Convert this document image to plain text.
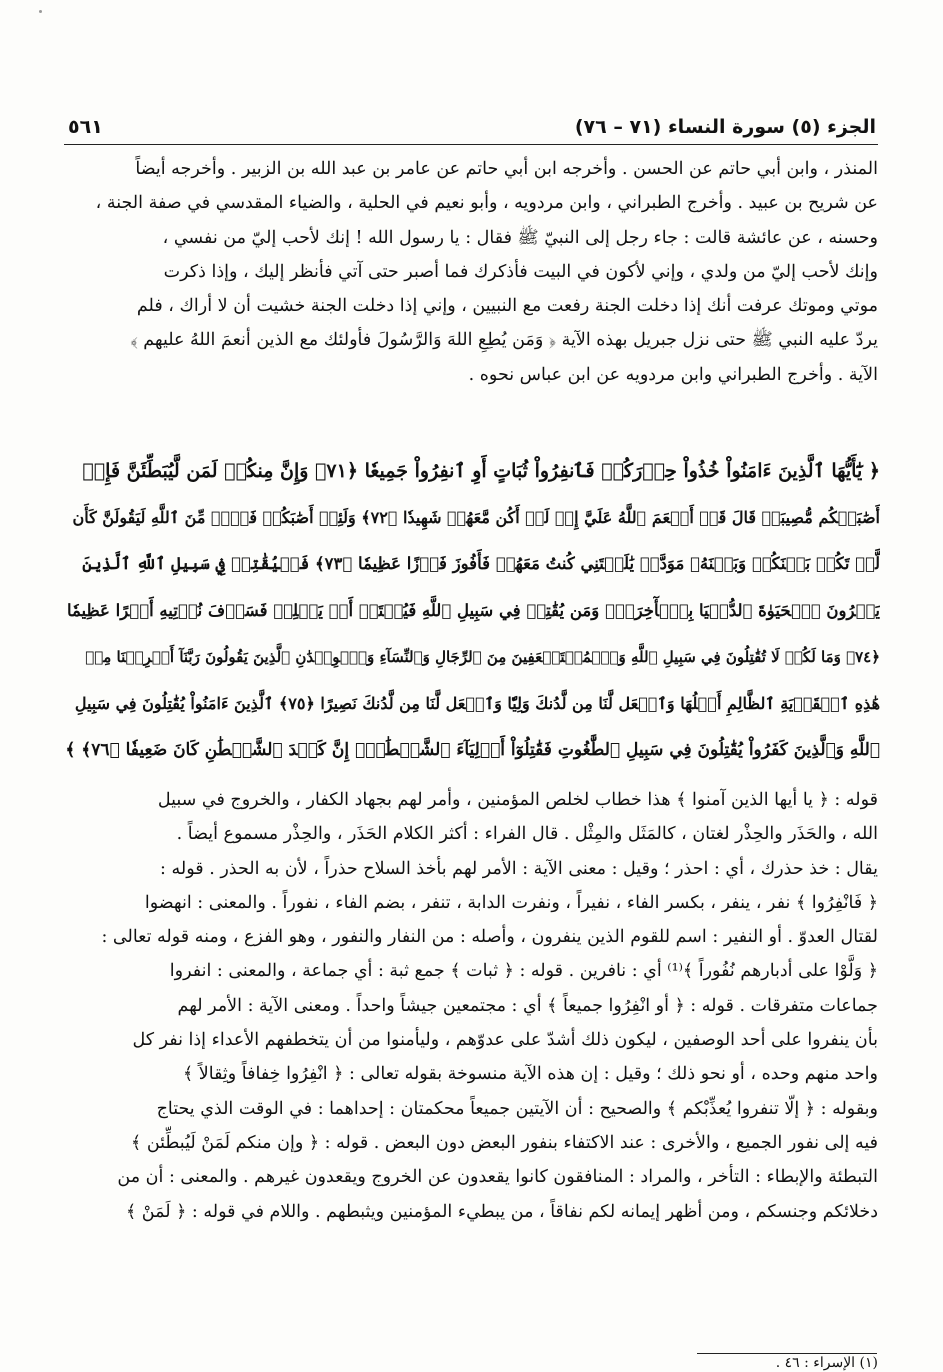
الجزء (٥) سورة النساء (٧١ – ٧٦)
٥٦١
المنذر ، وابن أبي حاتم عن الحسن . وأخرجه ابن أبي حاتم عن عامر بن عبد الله بن الزبير . وأخرجه أيضاً
عن شريح بن عبيد . وأخرج الطبراني ، وابن مردويه ، وأبو نعيم في الحلية ، والضياء المقدسي في صفة الجنة ،
وحسنه ، عن عائشة قالت : جاء رجل إلى النبيّ ﷺ فقال : يا رسول الله ! إنك لأحب إليّ من نفسي ،
وإنك لأحب إليّ من ولدي ، وإني لأكون في البيت فأذكرك فما أصبر حتى آتي فأنظر إليك ، وإذا ذكرت
موتي وموتك عرفت أنك إذا دخلت الجنة رفعت مع النبيين ، وإني إذا دخلت الجنة خشيت أن لا أراك ، فلم
يردّ عليه النبي ﷺ حتى نزل جبريل بهذه الآية ﴿ وَمَن يُطِعِ اللهَ وَالرَّسُولَ فأولئك مع الذين أنعمَ اللهُ عليهم ﴾
الآية . وأخرج الطبراني وابن مردويه عن ابن عباس نحوه .
﴿ يَٰٓأَيُّهَا ٱلَّذِينَ ءَامَنُواْ خُذُواْ حِذۡرَكُمۡ فَٱنفِرُواْ ثُبَاتٍ أَوِ ٱنفِرُواْ جَمِيعٗا ﴿٧١﴾ وَإِنَّ مِنكُمۡ لَمَن لَّيُبَطِّئَنَّ فَإِنۡ
أَصَٰبَتۡكُم مُّصِيبَةٞ قَالَ قَدۡ أَنۡعَمَ ٱللَّهُ عَلَيَّ إِذۡ لَمۡ أَكُن مَّعَهُمۡ شَهِيدٗا ﴿٧٢﴾ وَلَئِنۡ أَصَٰبَكُمۡ فَضۡلٞ مِّنَ ٱللَّهِ لَيَقُولَنَّ كَأَن
لَّمۡ تَكُنۢ بَيۡنَكُمۡ وَبَيۡنَهُۥ مَوَدَّةٞ يَٰلَيۡتَنِي كُنتُ مَعَهُمۡ فَأَفُوزَ فَوۡزًا عَظِيمٗا ﴿٧٣﴾ فَلۡيُقَٰتِلۡ فِي سَبِيلِ ٱللَّهِ ٱلَّذِينَ
يَشۡرُونَ ٱلۡحَيَوٰةَ ٱلدُّنۡيَا بِٱلۡأٓخِرَةِۚ وَمَن يُقَٰتِلۡ فِي سَبِيلِ ٱللَّهِ فَيُقۡتَلۡ أَوۡ يَغۡلِبۡ فَسَوۡفَ نُؤۡتِيهِ أَجۡرًا عَظِيمٗا
﴿٧٤﴾ وَمَا لَكُمۡ لَا تُقَٰتِلُونَ فِي سَبِيلِ ٱللَّهِ وَٱلۡمُسۡتَضۡعَفِينَ مِنَ ٱلرِّجَالِ وَٱلنِّسَآءِ وَٱلۡوِلۡدَٰنِ ٱلَّذِينَ يَقُولُونَ رَبَّنَآ أَخۡرِجۡنَا مِنۡ
هَٰذِهِ ٱلۡقَرۡيَةِ ٱلظَّالِمِ أَهۡلُهَا وَٱجۡعَل لَّنَا مِن لَّدُنكَ وَلِيّٗا وَٱجۡعَل لَّنَا مِن لَّدُنكَ نَصِيرًا ﴿٧٥﴾ ٱلَّذِينَ ءَامَنُواْ يُقَٰتِلُونَ فِي سَبِيلِ
ٱللَّهِ وَٱلَّذِينَ كَفَرُواْ يُقَٰتِلُونَ فِي سَبِيلِ ٱلطَّٰغُوتِ فَقَٰتِلُوٓاْ أَوۡلِيَآءَ ٱلشَّيۡطَٰنِۖ إِنَّ كَيۡدَ ٱلشَّيۡطَٰنِ كَانَ ضَعِيفٗا ﴿٧٦﴾ ﴾
قوله : ﴿ يا أيها الذين آمنوا ﴾ هذا خطاب لخلص المؤمنين ، وأمر لهم بجهاد الكفار ، والخروج في سبيل
الله ، والحَذَر والحِذْر لغتان ، كالمَثَل والمِثْل . قال الفراء : أكثر الكلام الحَذَر ، والحِذْر مسموع أيضاً .
يقال : خذ حذرك ، أي : احذر ؛ وقيل : معنى الآية : الأمر لهم بأخذ السلاح حذراً ، لأن به الحذر . قوله :
﴿ فَانْفِرُوا ﴾ نفر ، ينفر ، بكسر الفاء ، نفيراً ، ونفرت الدابة ، تنفر ، بضم الفاء ، نفوراً . والمعنى : انهضوا
لقتال العدوّ . أو النفير : اسم للقوم الذين ينفرون ، وأصله : من النفار والنفور ، وهو الفزع ، ومنه قوله تعالى :
﴿ وَلَّوْا على أدبارهم نُفُوراً ﴾⁽¹⁾ أي : نافرين . قوله : ﴿ ثبات ﴾ جمع ثبة : أي جماعة ، والمعنى : انفروا
جماعات متفرقات . قوله : ﴿ أو انْفِرُوا جميعاً ﴾ أي : مجتمعين جيشاً واحداً . ومعنى الآية : الأمر لهم
بأن ينفروا على أحد الوصفين ، ليكون ذلك أشدّ على عدوّهم ، وليأمنوا من أن يتخطفهم الأعداء إذا نفر كل
واحد منهم وحده ، أو نحو ذلك ؛ وقيل : إن هذه الآية منسوخة بقوله تعالى : ﴿ انْفِرُوا خِفافاً وثِقالاً ﴾
وبقوله : ﴿ إلّا تنفروا يُعذِّبْكم ﴾ والصحيح : أن الآيتين جميعاً محكمتان : إحداهما : في الوقت الذي يحتاج
فيه إلى نفور الجميع ، والأخرى : عند الاكتفاء بنفور البعض دون البعض . قوله : ﴿ وإن منكم لَمَنْ لَيُبطِّئن ﴾
التبطئة والإبطاء : التأخر ، والمراد : المنافقون كانوا يقعدون عن الخروج ويقعدون غيرهم . والمعنى : أن من
دخلائكم وجنسكم ، ومن أظهر إيمانه لكم نفاقاً ، من يبطيء المؤمنين ويثبطهم . واللام في قوله : ﴿ لَمَنْ ﴾
(١) الإسراء : ٤٦ .
